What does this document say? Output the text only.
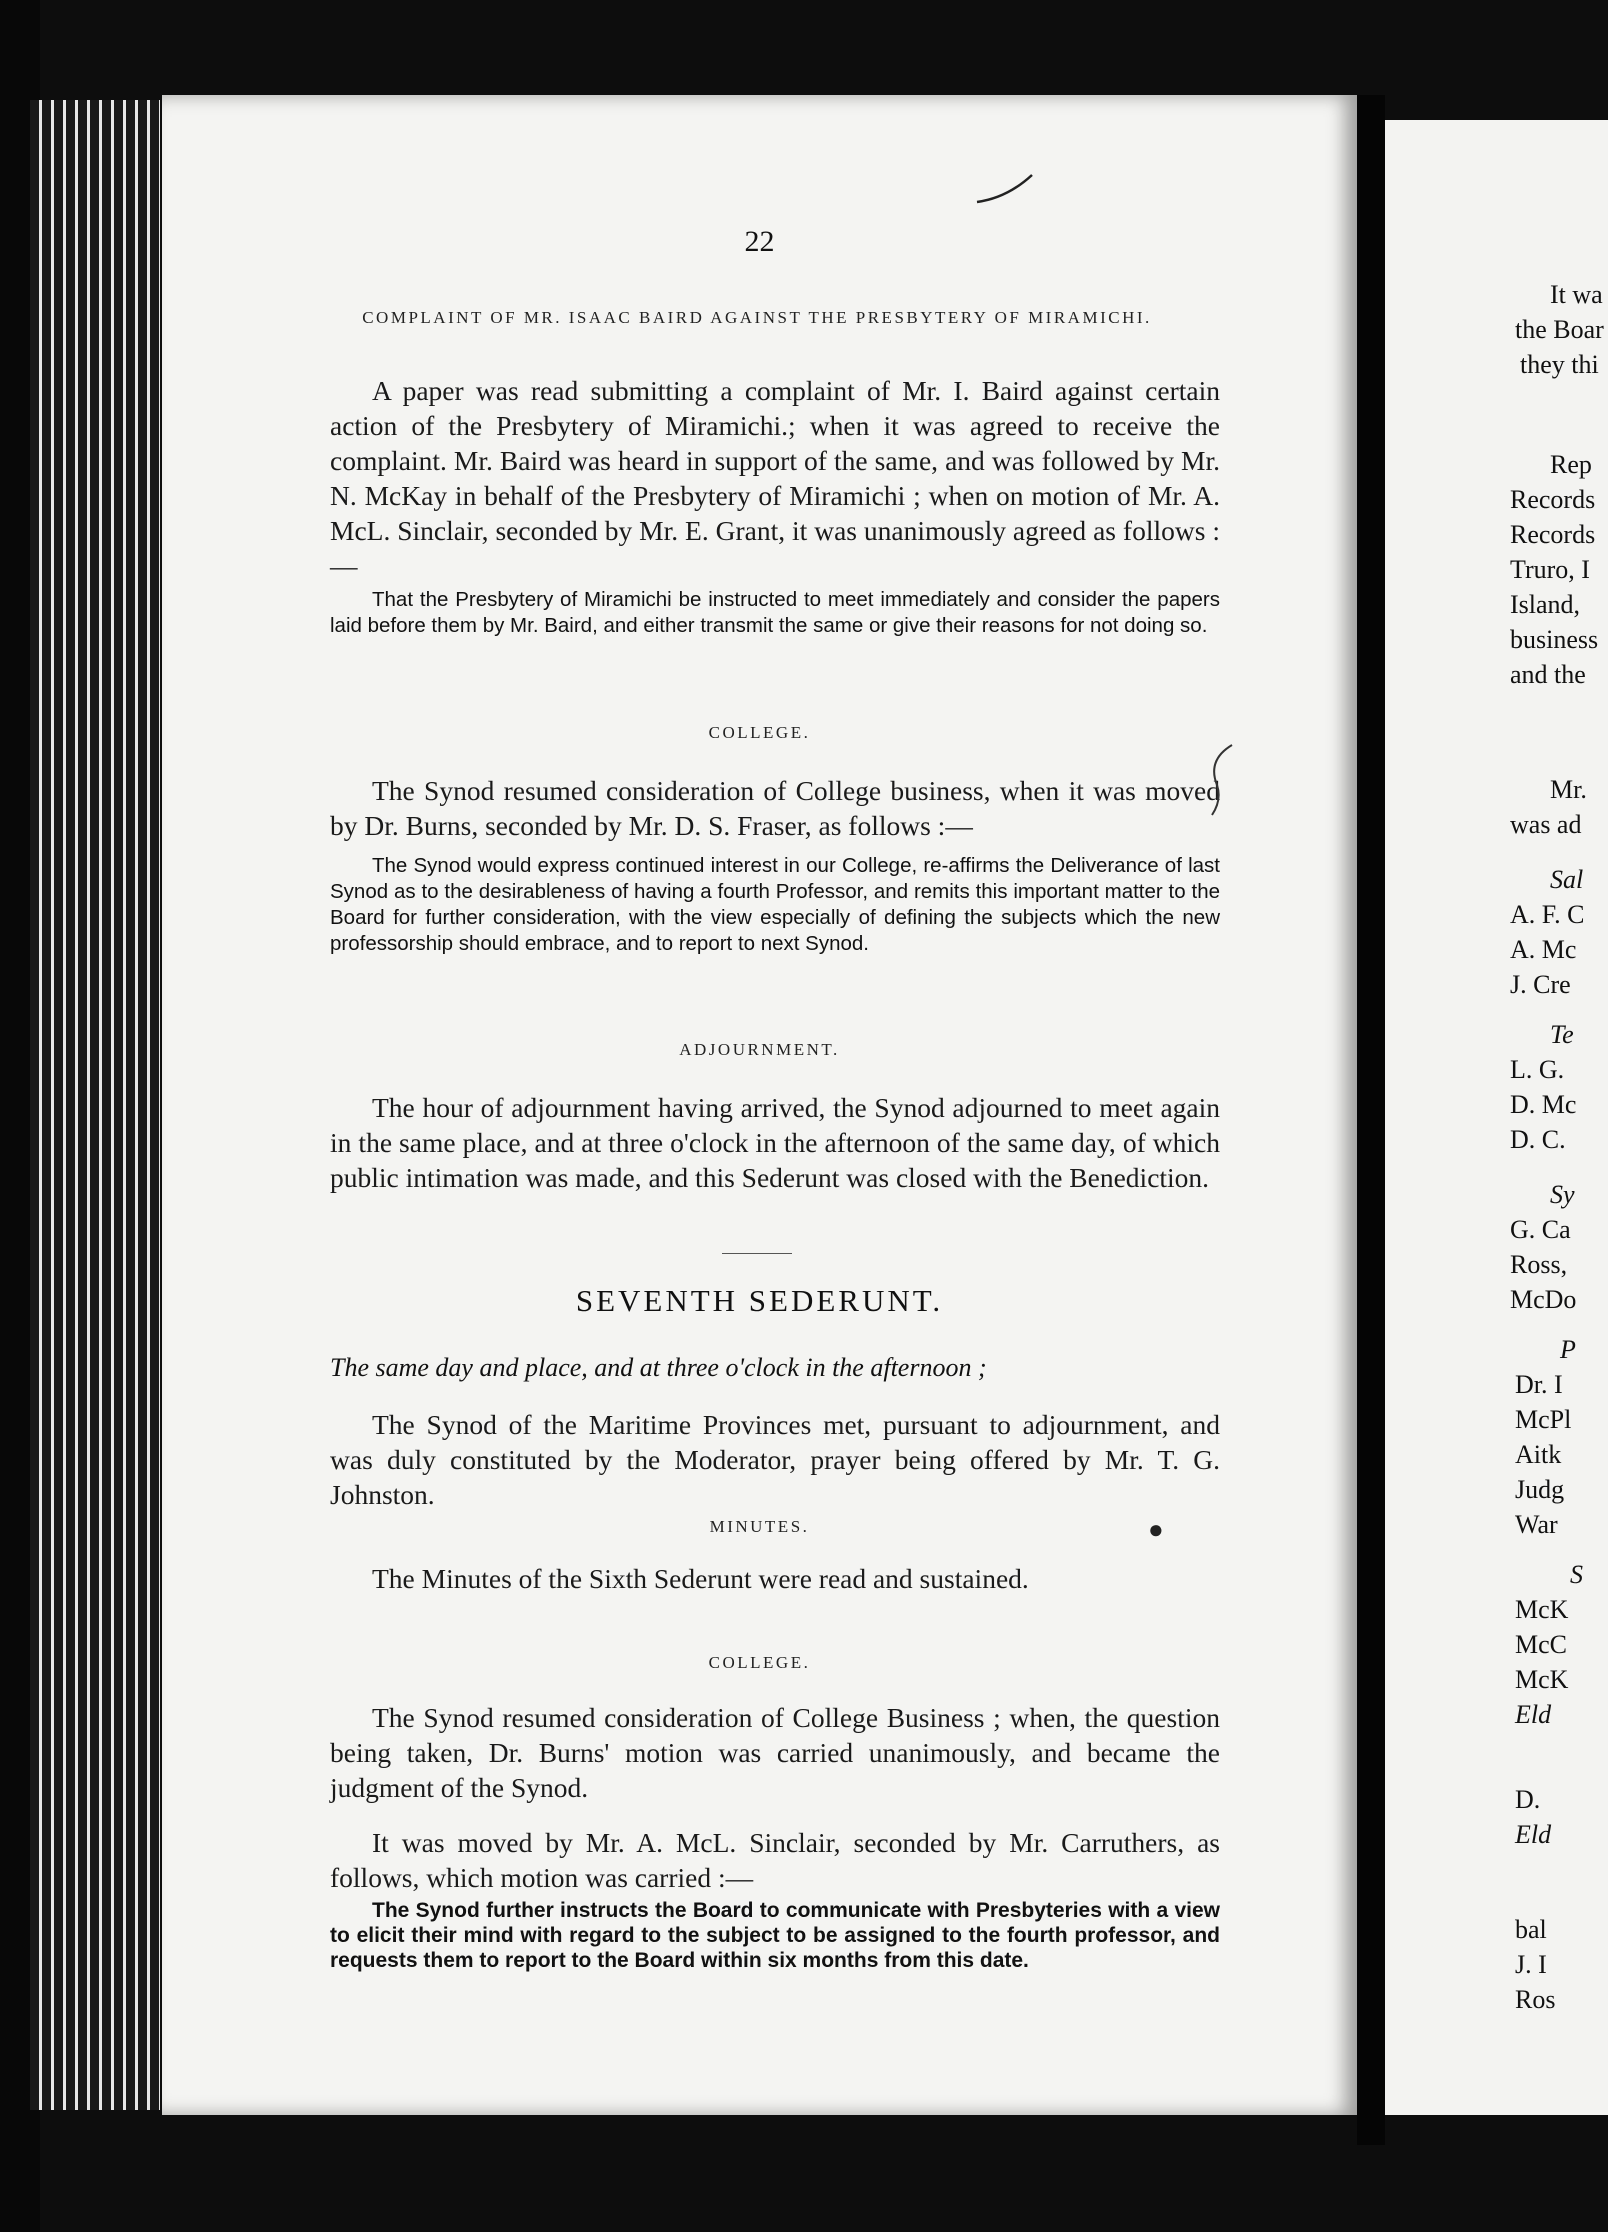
It wa
the Boar
they thi
Rep
Records
Records
Truro, I
Island,
business
and the
Mr.
was ad
Sal
A. F. C
A. Mc
J. Cre
Te
L. G.
D. Mc
D. C.
Sy
G. Ca
Ross,
McDo
P
Dr. I
McPl
Aitk
Judg
War
S
McK
McC
McK
Eld
D.
Eld
bal
J. I
Ros
22
COMPLAINT OF MR. ISAAC BAIRD AGAINST THE PRESBYTERY OF MIRAMICHI.
A paper was read submitting a complaint of Mr. I. Baird against certain action of the Presbytery of Miramichi.; when it was agreed to receive the complaint. Mr. Baird was heard in support of the same, and was followed by Mr. N. McKay in behalf of the Presbytery of Miramichi ; when on motion of Mr. A. McL. Sinclair, seconded by Mr. E. Grant, it was unanimously agreed as follows :—
That the Presbytery of Miramichi be instructed to meet immediately and consider the papers laid before them by Mr. Baird, and either transmit the same or give their reasons for not doing so.
COLLEGE.
The Synod resumed consideration of College business, when it was moved by Dr. Burns, seconded by Mr. D. S. Fraser, as follows :—
The Synod would express continued interest in our College, re-affirms the Deliverance of last Synod as to the desirableness of having a fourth Professor, and remits this important matter to the Board for further consideration, with the view especially of defining the subjects which the new professorship should embrace, and to report to next Synod.
ADJOURNMENT.
The hour of adjournment having arrived, the Synod adjourned to meet again in the same place, and at three o'clock in the afternoon of the same day, of which public intimation was made, and this Sederunt was closed with the Benediction.
SEVENTH SEDERUNT.
The same day and place, and at three o'clock in the afternoon ;
The Synod of the Maritime Provinces met, pursuant to adjournment, and was duly constituted by the Moderator, prayer being offered by Mr. T. G. Johnston.
MINUTES.
The Minutes of the Sixth Sederunt were read and sustained.
COLLEGE.
The Synod resumed consideration of College Business ; when, the question being taken, Dr. Burns' motion was carried unanimously, and became the judgment of the Synod.
It was moved by Mr. A. McL. Sinclair, seconded by Mr. Carruthers, as follows, which motion was carried :—
The Synod further instructs the Board to communicate with Presbyteries with a view to elicit their mind with regard to the subject to be assigned to the fourth professor, and requests them to report to the Board within six months from this date.
●
